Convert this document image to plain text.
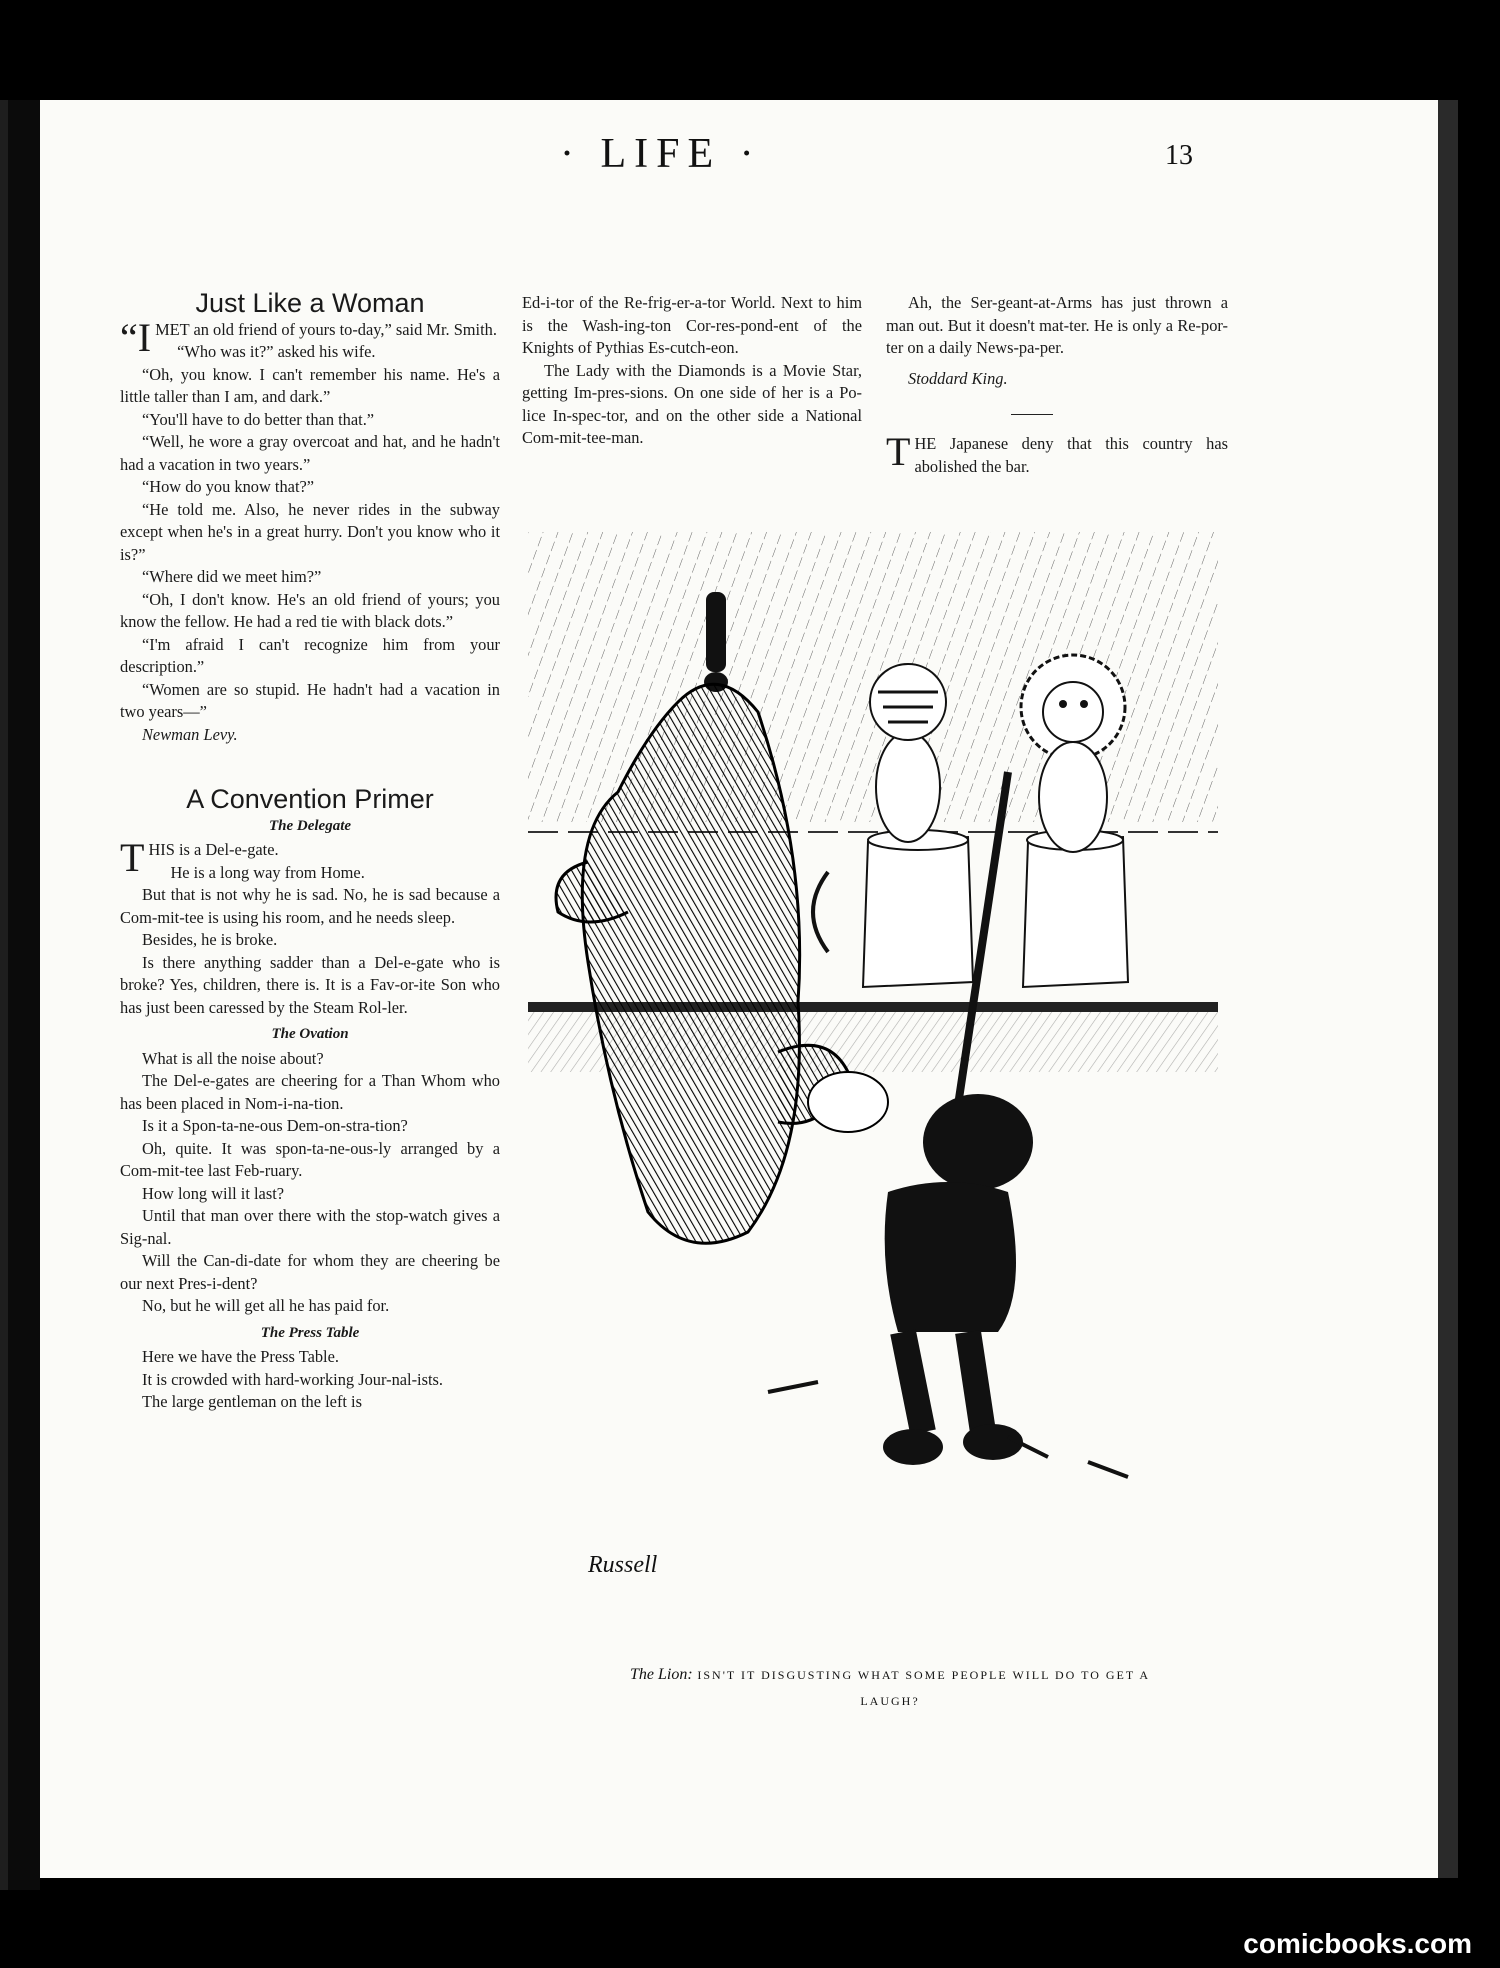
· LIFE ·	13
Just Like a Woman

“IMET an old friend of yours to-day,” said Mr. Smith.

“Who was it?” asked his wife.

“Oh, you know. I can't remember his name. He's a little taller than I am, and dark.”

“You'll have to do better than that.”

“Well, he wore a gray overcoat and hat, and he hadn't had a vacation in two years.”

“How do you know that?”

“He told me. Also, he never rides in the subway except when he's in a great hurry. Don't you know who it is?”

“Where did we meet him?”

“Oh, I don't know. He's an old friend of yours; you know the fellow. He had a red tie with black dots.”

“I'm afraid I can't recognize him from your description.”

“Women are so stupid. He hadn't had a vacation in two years—”

Newman Levy.

A Convention Primer
The Delegate

THIS is a Del-e-gate.

He is a long way from Home.

But that is not why he is sad. No, he is sad because a Com-mit-tee is using his room, and he needs sleep.

Besides, he is broke.

Is there anything sadder than a Del-e-gate who is broke? Yes, children, there is. It is a Fav-or-ite Son who has just been caressed by the Steam Rol-ler.

The Ovation

What is all the noise about?

The Del-e-gates are cheering for a Than Whom who has been placed in Nom-i-na-tion.

Is it a Spon-ta-ne-ous Dem-on-stra-tion?

Oh, quite. It was spon-ta-ne-ous-ly arranged by a Com-mit-tee last Feb-ruary.

How long will it last?

Until that man over there with the stop-watch gives a Sig-nal.

Will the Can-di-date for whom they are cheering be our next Pres-i-dent?

No, but he will get all he has paid for.

The Press Table

Here we have the Press Table.

It is crowded with hard-working Jour-nal-ists.

The large gentleman on the left is

Ed-i-tor of the Re-frig-er-a-tor World. Next to him is the Wash-ing-ton Cor-res-pond-ent of the Knights of Pythias Es-cutch-eon.

The Lady with the Diamonds is a Movie Star, getting Im-pres-sions. On one side of her is a Po-lice In-spec-tor, and on the other side a National Com-mit-tee-man.

Ah, the Ser-geant-at-Arms has just thrown a man out. But it doesn't mat-ter. He is only a Re-por-ter on a daily News-pa-per.

Stoddard King.

THE Japanese deny that this country has abolished the bar.

Russell
The Lion: ISN'T IT DISGUSTING WHAT SOME PEOPLE WILL DO TO GET A LAUGH?
comicbooks.com
